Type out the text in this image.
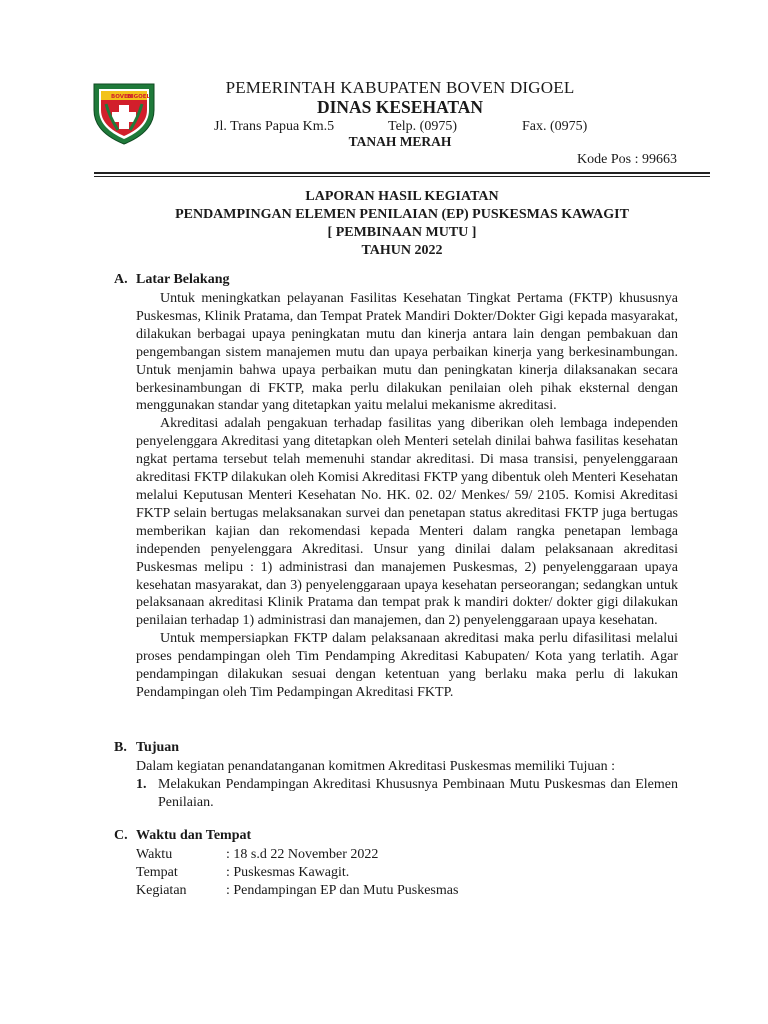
BOVEN
DIGOEL	PEMERINTAH KABUPATEN BOVEN DIGOEL
DINAS KESEHATAN
Jl. Trans Papua Km.5	Telp. (0975)	Fax. (0975)
TANAH MERAH
Kode Pos : 99663
LAPORAN HASIL KEGIATAN
PENDAMPINGAN ELEMEN PENILAIAN (EP) PUSKESMAS KAWAGIT
[ PEMBINAAN MUTU ]
TAHUN 2022
A. Latar Belakang

Untuk meningkatkan pelayanan Fasilitas Kesehatan Tingkat Pertama (FKTP) khususnya Puskesmas, Klinik Pratama, dan Tempat Pratek Mandiri Dokter/Dokter Gigi kepada masyarakat, dilakukan berbagai upaya peningkatan mutu dan kinerja antara lain dengan pembakuan dan pengembangan sistem manajemen mutu dan upaya perbaikan kinerja yang berkesinambungan. Untuk menjamin bahwa upaya perbaikan mutu dan peningkatan kinerja dilaksanakan secara berkesinambungan di FKTP, maka perlu dilakukan penilaian oleh pihak eksternal dengan menggunakan standar yang ditetapkan yaitu melalui mekanisme akreditasi.

Akreditasi adalah pengakuan terhadap fasilitas yang diberikan oleh lembaga independen penyelenggara Akreditasi yang ditetapkan oleh Menteri setelah dinilai bahwa fasilitas kesehatan ngkat pertama tersebut telah memenuhi standar akreditasi. Di masa transisi, penyelenggaraan akreditasi FKTP dilakukan oleh Komisi Akreditasi FKTP yang dibentuk oleh Menteri Kesehatan melalui Keputusan Menteri Kesehatan No. HK. 02. 02/ Menkes/ 59/ 2105. Komisi Akreditasi FKTP selain bertugas melaksanakan survei dan penetapan status akreditasi FKTP juga bertugas memberikan kajian dan rekomendasi kepada Menteri dalam rangka penetapan lembaga independen penyelenggara Akreditasi. Unsur yang dinilai dalam pelaksanaan akreditasi Puskesmas melipu : 1) administrasi dan manajemen Puskesmas, 2) penyelenggaraan upaya kesehatan masyarakat, dan 3) penyelenggaraan upaya kesehatan perseorangan; sedangkan untuk pelaksanaan akreditasi Klinik Pratama dan tempat prak k mandiri dokter/ dokter gigi dilakukan penilaian terhadap 1) administrasi dan manajemen, dan 2) penyelenggaraan upaya kesehatan.

Untuk mempersiapkan FKTP dalam pelaksanaan akreditasi maka perlu difasilitasi melalui proses pendampingan oleh Tim Pendamping Akreditasi Kabupaten/ Kota yang terlatih. Agar pendampingan dilakukan sesuai dengan ketentuan yang berlaku maka perlu di lakukan Pendampingan oleh Tim Pedampingan Akreditasi FKTP.

B. Tujuan
Dalam kegiatan penandatanganan komitmen Akreditasi Puskesmas memiliki Tujuan :
1. Melakukan Pendampingan Akreditasi Khususnya Pembinaan Mutu Puskesmas dan Elemen Penilaian.
C. Waktu dan Tempat
Waktu	: 18 s.d 22 November 2022
Tempat	: Puskesmas Kawagit.
Kegiatan	: Pendampingan EP dan Mutu Puskesmas
